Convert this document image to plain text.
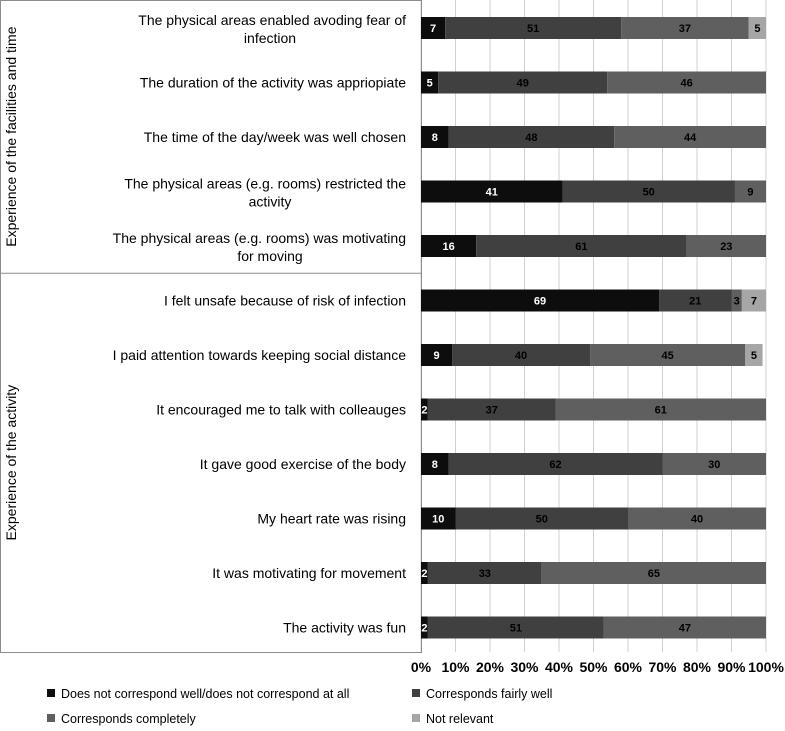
Experience of the facilities and time
Experience of the activity
The physical areas enabled avoding fear of infection
The duration of the activity was appriopiate
The time of the day/week was well chosen
The physical areas (e.g. rooms) restricted the activity
The physical areas (e.g. rooms) was motivating for moving
I felt unsafe because of risk of infection
I paid attention towards keeping social distance
It encouraged me to talk with colleauges
It gave good exercise of the body
My heart rate was rising
It was motivating for movement
The activity was fun
7	51	37	5
5	49	46
8	48	44
41	50	9
16	61	23
69	21	3 7
9	40	45	5
2	37	61
8	62	30
10	50	40
2	33	65
2	51	47
0% 10% 20% 30% 40% 50% 60% 70% 80% 90% 100%
Does not correspond well/does not correspond at all	Corresponds fairly well
Corresponds completely	Not relevant
